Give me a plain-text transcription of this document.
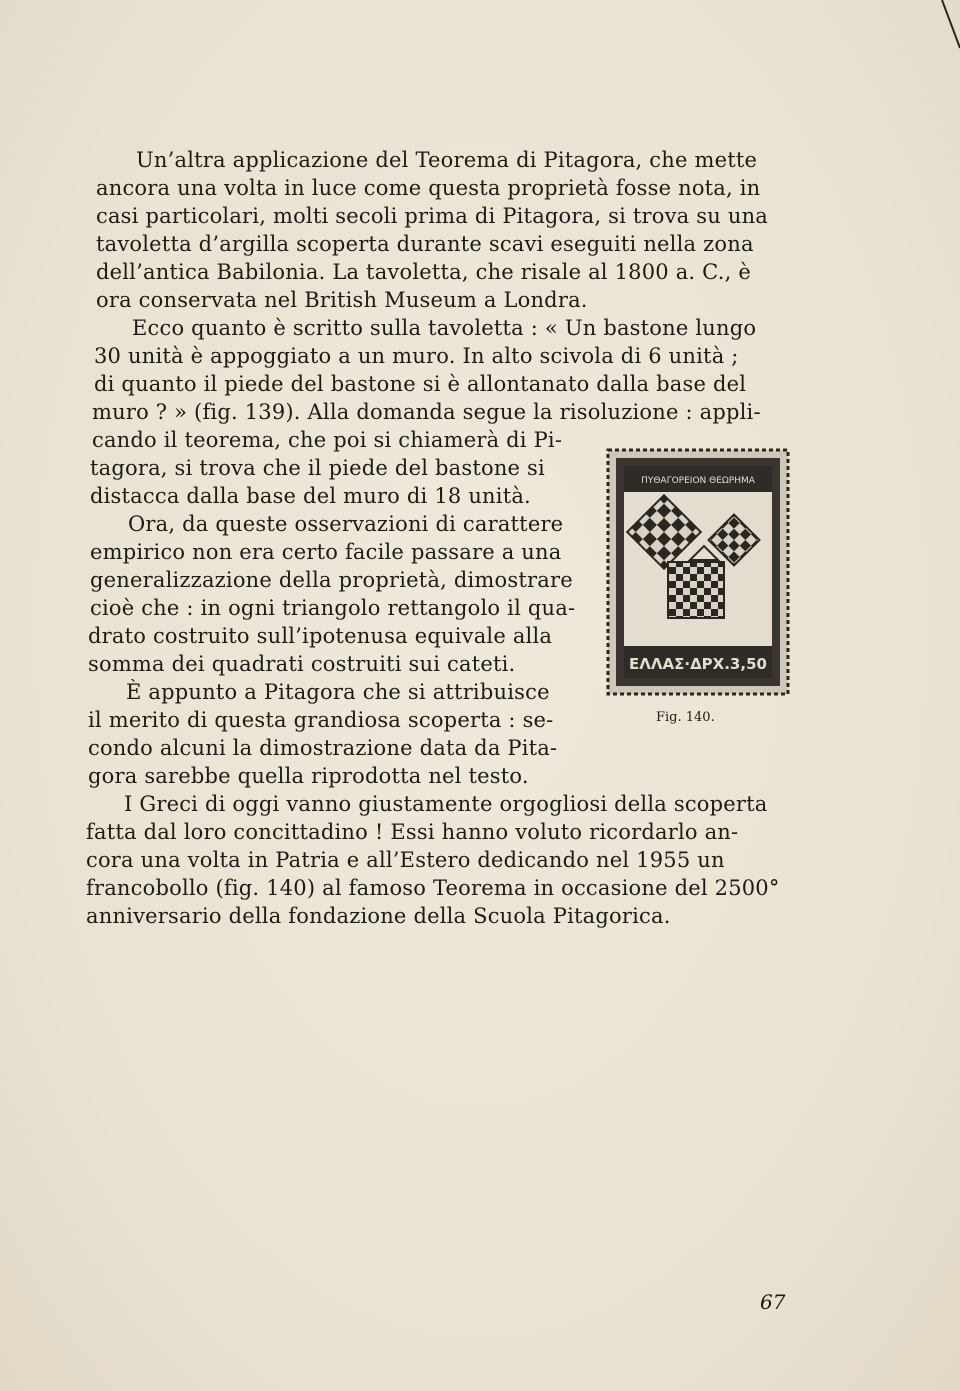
Un’altra applicazione del Teorema di Pitagora, che mette

ancora una volta in luce come questa proprietà fosse nota, in

casi particolari, molti secoli prima di Pitagora, si trova su una

tavoletta d’argilla scoperta durante scavi eseguiti nella zona

dell’antica Babilonia. La tavoletta, che risale al 1800 a. C., è

ora conservata nel British Museum a Londra.

Ecco quanto è scritto sulla tavoletta : « Un bastone lungo

30 unità è appoggiato a un muro. In alto scivola di 6 unità ;

di quanto il piede del bastone si è allontanato dalla base del

muro ? » (fig. 139). Alla domanda segue la risoluzione : appli-

cando il teorema, che poi si chiamerà di Pi-

tagora, si trova che il piede del bastone si

distacca dalla base del muro di 18 unità.

Ora, da queste osservazioni di carattere

empirico non era certo facile passare a una

generalizzazione della proprietà, dimostrare

cioè che : in ogni triangolo rettangolo il qua-

drato costruito sull’ipotenusa equivale alla

somma dei quadrati costruiti sui cateti.

È appunto a Pitagora che si attribuisce

il merito di questa grandiosa scoperta : se-

condo alcuni la dimostrazione data da Pita-

gora sarebbe quella riprodotta nel testo.

I Greci di oggi vanno giustamente orgogliosi della scoperta

fatta dal loro concittadino ! Essi hanno voluto ricordarlo an-

cora una volta in Patria e all’Estero dedicando nel 1955 un

francobollo (fig. 140) al famoso Teorema in occasione del 2500°

anniversario della fondazione della Scuola Pitagorica.

ΠΥΘΑΓΟΡΕΙΟΝ ΘΕΩΡΗΜΑ
ΕΛΛΑΣ·ΔΡΧ.3,50
Fig. 140.
67
